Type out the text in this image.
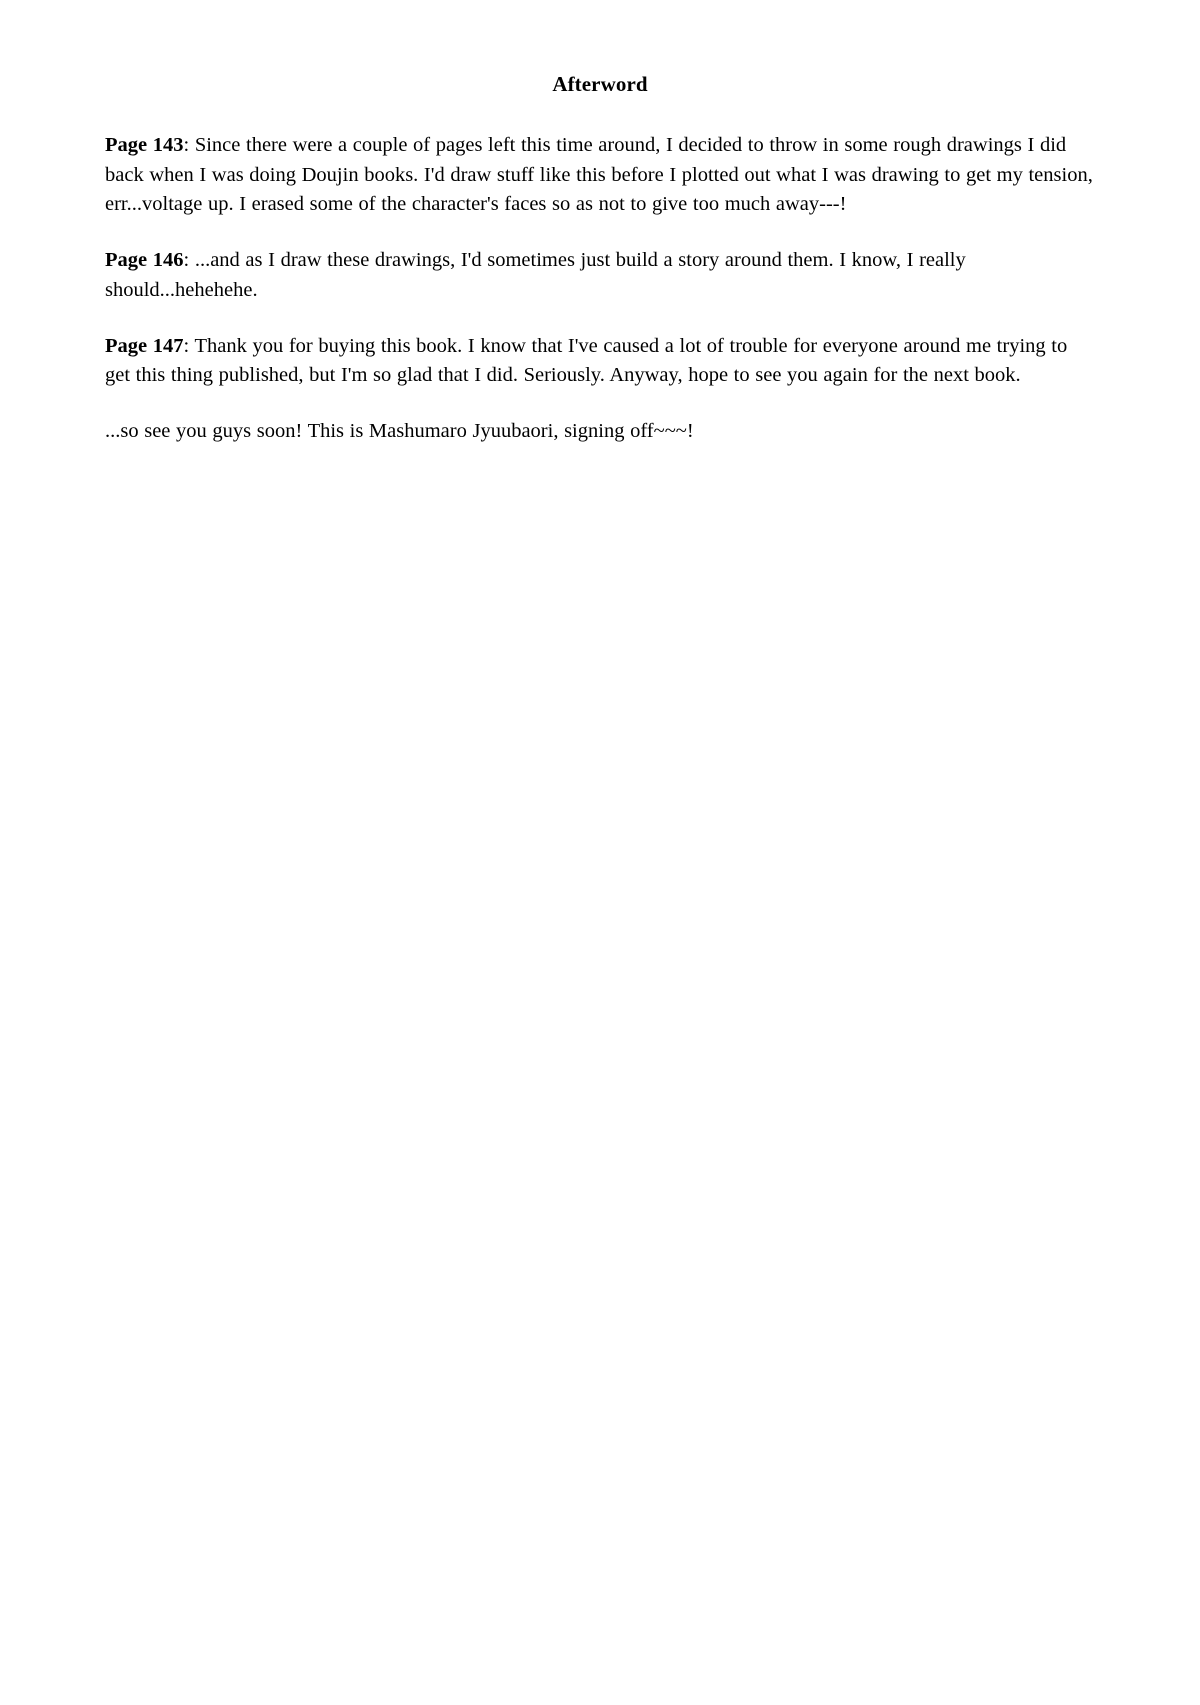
Afterword

Page 143: Since there were a couple of pages left this time around, I decided to throw in some rough drawings I did back when I was doing Doujin books. I'd draw stuff like this before I plotted out what I was drawing to get my tension, err...voltage up. I erased some of the character's faces so as not to give too much away---!

Page 146: ...and as I draw these drawings, I'd sometimes just build a story around them. I know, I really should...hehehehe.

Page 147: Thank you for buying this book. I know that I've caused a lot of trouble for everyone around me trying to get this thing published, but I'm so glad that I did. Seriously. Anyway, hope to see you again for the next book.

...so see you guys soon! This is Mashumaro Jyuubaori, signing off~~~!
